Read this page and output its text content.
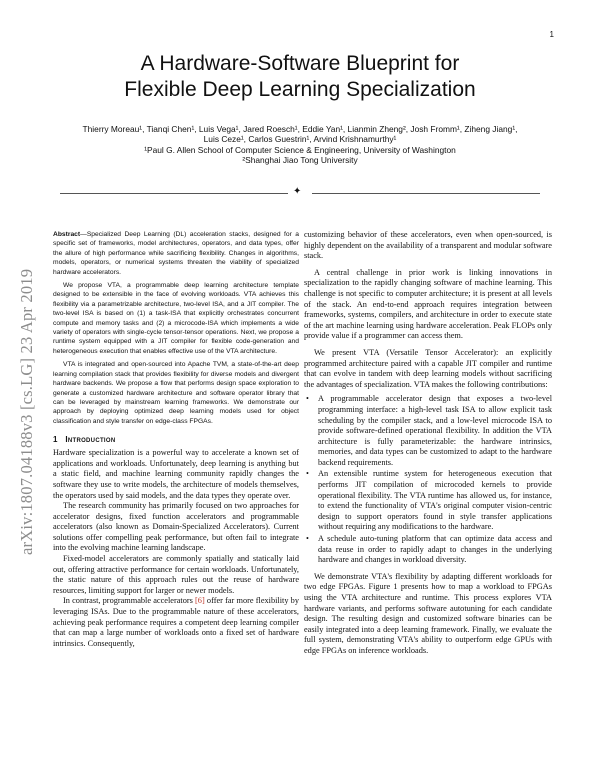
1
arXiv:1807.04188v3 [cs.LG] 23 Apr 2019
A Hardware-Software Blueprint for
Flexible Deep Learning Specialization
Thierry Moreau¹, Tianqi Chen¹, Luis Vega¹, Jared Roesch¹, Eddie Yan¹, Lianmin Zheng², Josh Fromm¹, Ziheng Jiang¹,
Luis Ceze¹, Carlos Guestrin¹, Arvind Krishnamurthy¹
¹Paul G. Allen School of Computer Science & Engineering, University of Washington
²Shanghai Jiao Tong University
✦

Abstract—Specialized Deep Learning (DL) acceleration stacks, designed for a specific set of frameworks, model architectures, operators, and data types, offer the allure of high performance while sacrificing flexibility. Changes in algorithms, models, operators, or numerical systems threaten the viability of specialized hardware accelerators.

We propose VTA, a programmable deep learning architecture template designed to be extensible in the face of evolving workloads. VTA achieves this flexibility via a parametrizable architecture, two-level ISA, and a JIT compiler. The two-level ISA is based on (1) a task-ISA that explicitly orchestrates concurrent compute and memory tasks and (2) a microcode-ISA which implements a wide variety of operators with single-cycle tensor-tensor operations. Next, we propose a runtime system equipped with a JIT compiler for flexible code-generation and heterogeneous execution that enables effective use of the VTA architecture.

VTA is integrated and open-sourced into Apache TVM, a state-of-the-art deep learning compilation stack that provides flexibility for diverse models and divergent hardware backends. We propose a flow that performs design space exploration to generate a customized hardware architecture and software operator library that can be leveraged by mainstream learning frameworks. We demonstrate our approach by deploying optimized deep learning models used for object classification and style transfer on edge-class FPGAs.

1 Introduction

Hardware specialization is a powerful way to accelerate a known set of applications and workloads. Unfortunately, deep learning is anything but a static field, and machine learning community rapidly changes the software they use to write models, the architecture of models themselves, the operators used by said models, and the data types they operate over.

The research community has primarily focused on two approaches for accelerator designs, fixed function accelerators and programmable accelerators (also known as Domain-Specialized Accelerators). Current solutions offer compelling peak performance, but often fail to integrate into the evolving machine learning landscape.

Fixed-model accelerators are commonly spatially and statically laid out, offering attractive performance for certain workloads. Unfortunately, the static nature of this approach rules out the reuse of hardware resources, limiting support for larger or newer models.

In contrast, programmable accelerators [6] offer far more flexibility by leveraging ISAs. Due to the programmable nature of these accelerators, achieving peak performance requires a competent deep learning compiler that can map a large number of workloads onto a fixed set of hardware intrinsics. Consequently,

customizing behavior of these accelerators, even when open-sourced, is highly dependent on the availability of a transparent and modular software stack.

A central challenge in prior work is linking innovations in specialization to the rapidly changing software of machine learning. This challenge is not specific to computer architecture; it is present at all levels of the stack. An end-to-end approach requires integration between frameworks, systems, compilers, and architecture in order to execute state of the art machine learning using hardware acceleration. Peak FLOPs only provide value if a programmer can access them.

We present VTA (Versatile Tensor Accelerator): an explicitly programmed architecture paired with a capable JIT compiler and runtime that can evolve in tandem with deep learning models without sacrificing the advantages of specialization. VTA makes the following contributions:

• A programmable accelerator design that exposes a two-level programming interface: a high-level task ISA to allow explicit task scheduling by the compiler stack, and a low-level microcode ISA to provide software-defined operational flexibility. In addition the VTA architecture is fully parameterizable: the hardware intrinsics, memories, and data types can be customized to adapt to the hardware backend requirements.
• An extensible runtime system for heterogeneous execution that performs JIT compilation of microcoded kernels to provide operational flexibility. The VTA runtime has allowed us, for instance, to extend the functionality of VTA's original computer vision-centric design to support operators found in style transfer applications without requiring any modifications to the hardware.
• A schedule auto-tuning platform that can optimize data access and data reuse in order to rapidly adapt to changes in the underlying hardware and changes in workload diversity.

We demonstrate VTA's flexibility by adapting different workloads for two edge FPGAs. Figure 1 presents how to map a workload to FPGAs using the VTA architecture and runtime. This process explores VTA hardware variants, and performs software autotuning for each candidate design. The resulting design and customized software binaries can be easily integrated into a deep learning framework. Finally, we evaluate the full system, demonstrating VTA's ability to outperform edge GPUs with edge FPGAs on inference workloads.
